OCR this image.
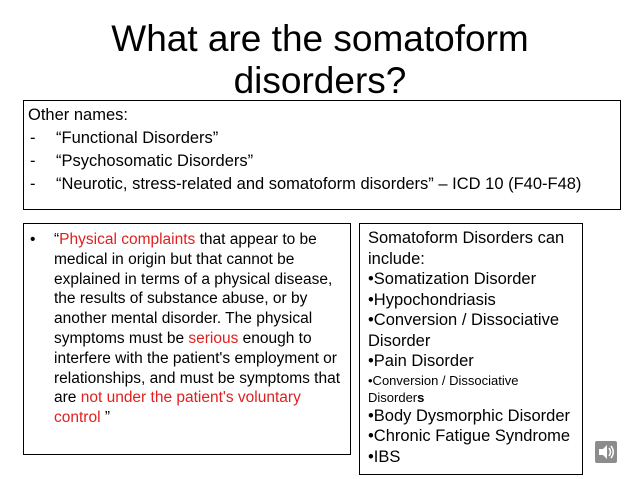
What are the somatoform disorders?
Other names:
-	“Functional Disorders”
-	“Psychosomatic Disorders”
-	“Neurotic, stress-related and somatoform disorders” – ICD 10 (F40-F48)
• “Physical complaints that appear to be medical in origin but that cannot be explained in terms of a physical disease, the results of substance abuse, or by another mental disorder. The physical symptoms must be serious enough to interfere with the patient's employment or relationships, and must be symptoms that are not under the patient's voluntary control ”
Somatoform Disorders can include:
•Somatization Disorder
•Hypochondriasis
•Conversion / Dissociative Disorder
•Pain Disorder
•Conversion / Dissociative Disorders
•Body Dysmorphic Disorder
•Chronic Fatigue Syndrome
•IBS
